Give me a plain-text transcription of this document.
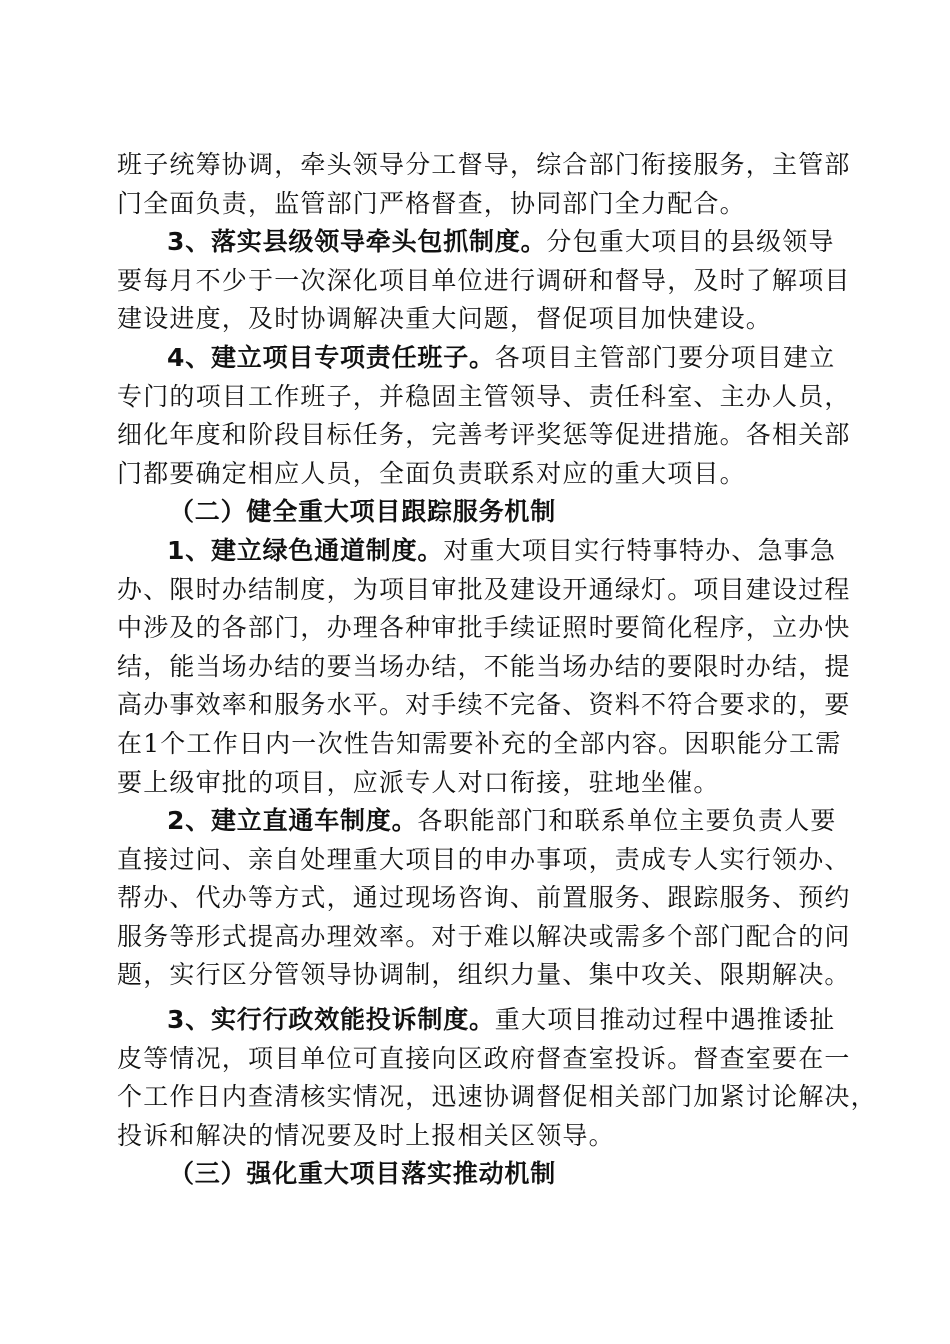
班子统筹协调，牵头领导分工督导，综合部门衔接服务，主管部
门全面负责，监管部门严格督查，协同部门全力配合。
3、落实县级领导牵头包抓制度。分包重大项目的县级领导
要每月不少于一次深化项目单位进行调研和督导，及时了解项目
建设进度，及时协调解决重大问题，督促项目加快建设。
4、建立项目专项责任班子。各项目主管部门要分项目建立
专门的项目工作班子，并稳固主管领导、责任科室、主办人员，
细化年度和阶段目标任务，完善考评奖惩等促进措施。各相关部
门都要确定相应人员，全面负责联系对应的重大项目。
（二）健全重大项目跟踪服务机制
1、建立绿色通道制度。对重大项目实行特事特办、急事急
办、限时办结制度，为项目审批及建设开通绿灯。项目建设过程
中涉及的各部门，办理各种审批手续证照时要简化程序，立办快
结，能当场办结的要当场办结，不能当场办结的要限时办结，提
高办事效率和服务水平。对手续不完备、资料不符合要求的，要
在1个工作日内一次性告知需要补充的全部内容。因职能分工需
要上级审批的项目，应派专人对口衔接，驻地坐催。
2、建立直通车制度。各职能部门和联系单位主要负责人要
直接过问、亲自处理重大项目的申办事项，责成专人实行领办、
帮办、代办等方式，通过现场咨询、前置服务、跟踪服务、预约
服务等形式提高办理效率。对于难以解决或需多个部门配合的问
题，实行区分管领导协调制，组织力量、集中攻关、限期解决。
3、实行行政效能投诉制度。重大项目推动过程中遇推诿扯
皮等情况，项目单位可直接向区政府督查室投诉。督查室要在一
个工作日内查清核实情况，迅速协调督促相关部门加紧讨论解决，
投诉和解决的情况要及时上报相关区领导。
（三）强化重大项目落实推动机制
